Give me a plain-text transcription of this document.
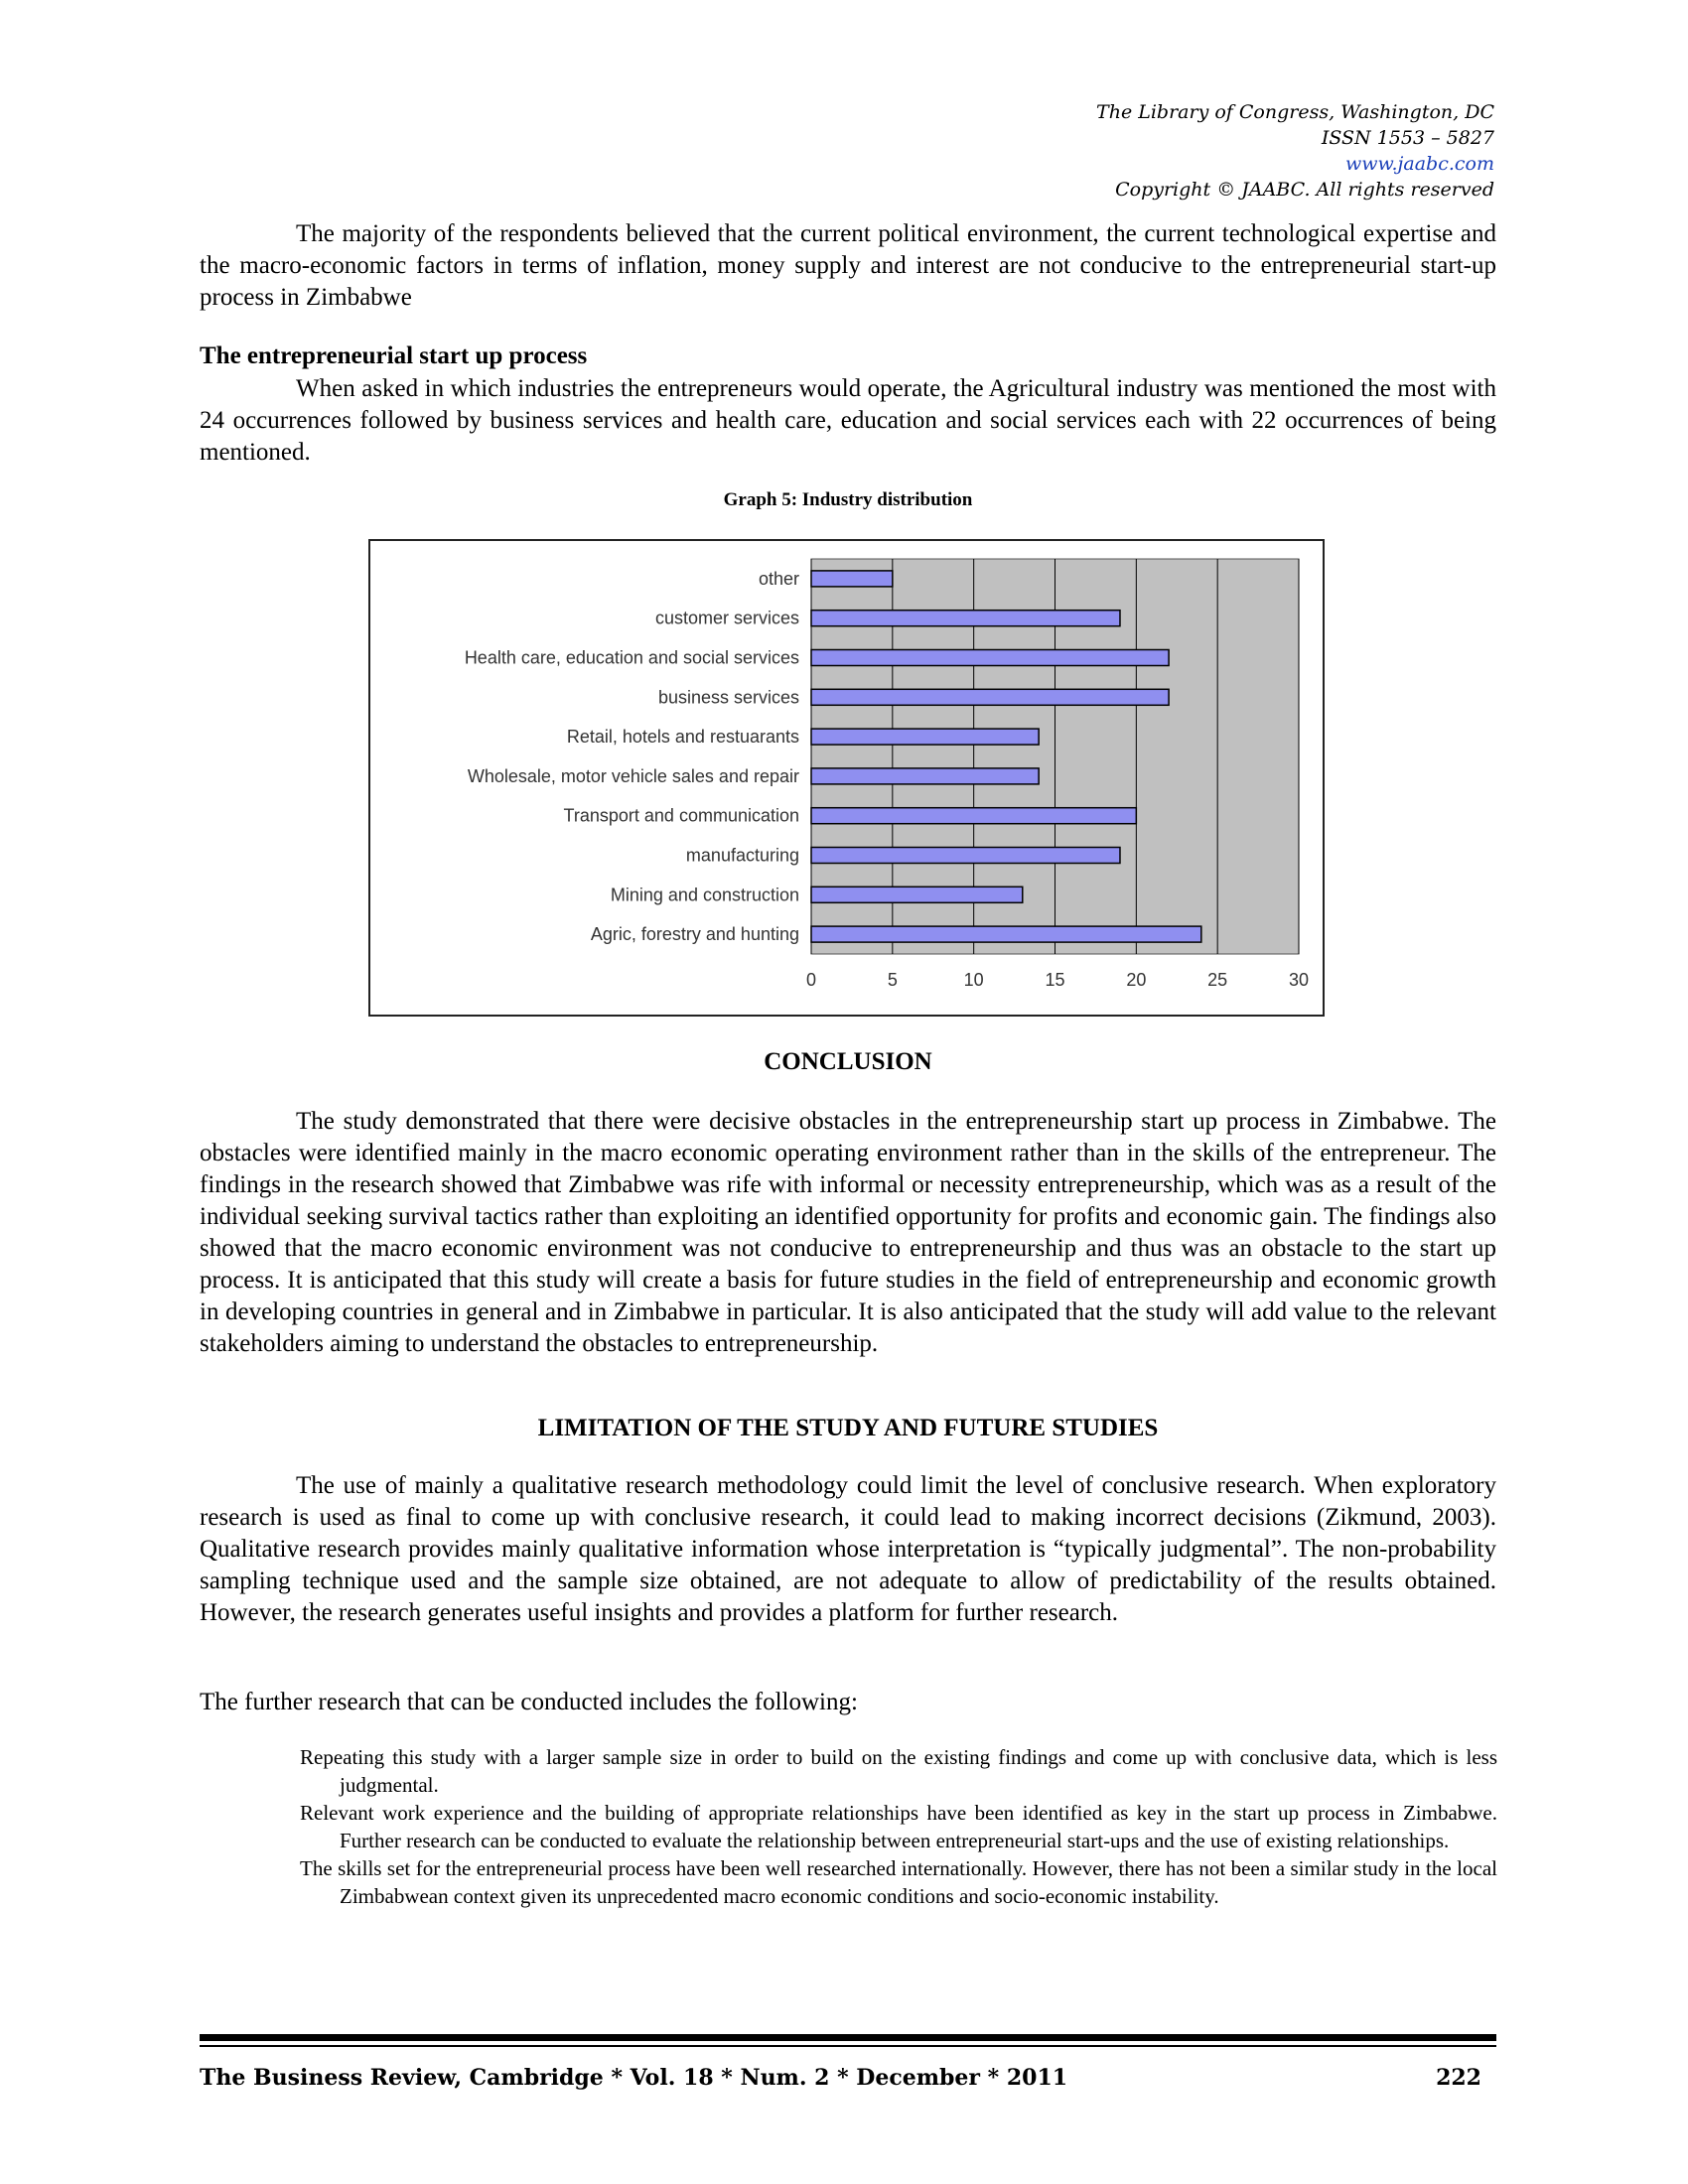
The Library of Congress, Washington, DC
ISSN 1553 – 5827
www.jaabc.com
Copyright © JAABC. All rights reserved

The majority of the respondents believed that the current political environment, the current technological expertise and the macro-economic factors in terms of inflation, money supply and interest are not conducive to the entrepreneurial start-up process in Zimbabwe

The entrepreneurial start up process

When asked in which industries the entrepreneurs would operate, the Agricultural industry was mentioned the most with 24 occurrences followed by business services and health care, education and social services each with 22 occurrences of being mentioned.

Graph 5: Industry distribution

0	5	10	15	20	25	30
other
customer services
Health care, education and social services
business services
Retail, hotels and restuarants
Wholesale, motor vehicle sales and repair
Transport and communication
manufacturing
Mining and construction
Agric, forestry and hunting

CONCLUSION

The study demonstrated that there were decisive obstacles in the entrepreneurship start up process in Zimbabwe. The obstacles were identified mainly in the macro economic operating environment rather than in the skills of the entrepreneur. The findings in the research showed that Zimbabwe was rife with informal or necessity entrepreneurship, which was as a result of the individual seeking survival tactics rather than exploiting an identified opportunity for profits and economic gain. The findings also showed that the macro economic environment was not conducive to entrepreneurship and thus was an obstacle to the start up process. It is anticipated that this study will create a basis for future studies in the field of entrepreneurship and economic growth in developing countries in general and in Zimbabwe in particular. It is also anticipated that the study will add value to the relevant stakeholders aiming to understand the obstacles to entrepreneurship.

LIMITATION OF THE STUDY AND FUTURE STUDIES

The use of mainly a qualitative research methodology could limit the level of conclusive research. When exploratory research is used as final to come up with conclusive research, it could lead to making incorrect decisions (Zikmund, 2003). Qualitative research provides mainly qualitative information whose interpretation is “typically judgmental”. The non-probability sampling technique used and the sample size obtained, are not adequate to allow of predictability of the results obtained. However, the research generates useful insights and provides a platform for further research.

The further research that can be conducted includes the following:

Repeating this study with a larger sample size in order to build on the existing findings and come up with conclusive data, which is less judgmental.
Relevant work experience and the building of appropriate relationships have been identified as key in the start up process in Zimbabwe. Further research can be conducted to evaluate the relationship between entrepreneurial start-ups and the use of existing relationships.
The skills set for the entrepreneurial process have been well researched internationally. However, there has not been a similar study in the local Zimbabwean context given its unprecedented macro economic conditions and socio-economic instability.
The Business Review, Cambridge * Vol. 18 * Num. 2 * December * 2011	222
